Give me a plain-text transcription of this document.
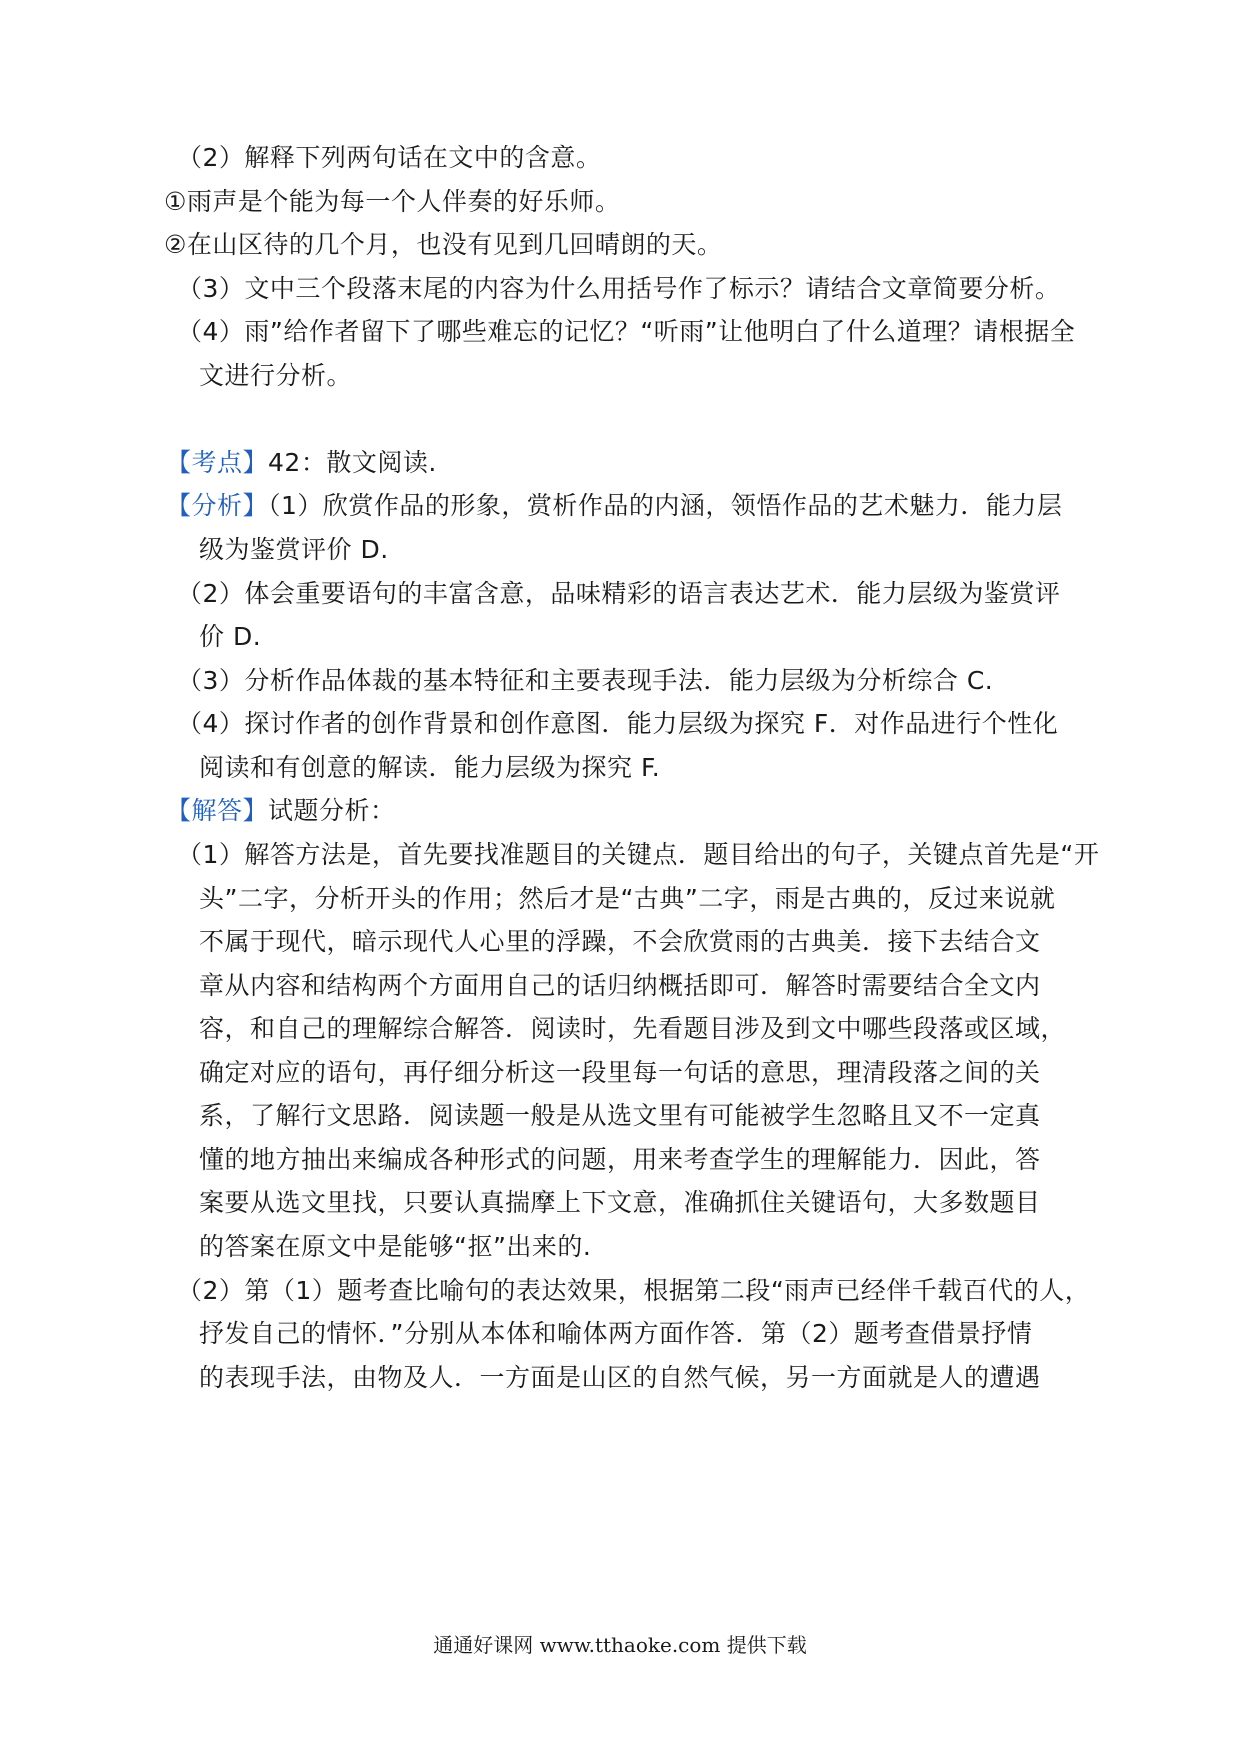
（2）解释下列两句话在文中的含意。
①雨声是个能为每一个人伴奏的好乐师。
②在山区待的几个月，也没有见到几回晴朗的天。
（3）文中三个段落末尾的内容为什么用括号作了标示？请结合文章简要分析。
（4）雨”给作者留下了哪些难忘的记忆？“听雨”让他明白了什么道理？请根据全
文进行分析。
【考点】42：散文阅读.
【分析】（1）欣赏作品的形象，赏析作品的内涵，领悟作品的艺术魅力．能力层
级为鉴赏评价 D.
（2）体会重要语句的丰富含意，品味精彩的语言表达艺术．能力层级为鉴赏评
价 D.
（3）分析作品体裁的基本特征和主要表现手法．能力层级为分析综合 C.
（4）探讨作者的创作背景和创作意图．能力层级为探究 F．对作品进行个性化
阅读和有创意的解读．能力层级为探究 F.
【解答】试题分析：
（1）解答方法是，首先要找准题目的关键点．题目给出的句子，关键点首先是“开
头”二字，分析开头的作用；然后才是“古典”二字，雨是古典的，反过来说就
不属于现代，暗示现代人心里的浮躁，不会欣赏雨的古典美．接下去结合文
章从内容和结构两个方面用自己的话归纳概括即可．解答时需要结合全文内
容，和自己的理解综合解答．阅读时，先看题目涉及到文中哪些段落或区域，
确定对应的语句，再仔细分析这一段里每一句话的意思，理清段落之间的关
系，了解行文思路．阅读题一般是从选文里有可能被学生忽略且又不一定真
懂的地方抽出来编成各种形式的问题，用来考查学生的理解能力．因此，答
案要从选文里找，只要认真揣摩上下文意，准确抓住关键语句，大多数题目
的答案在原文中是能够“抠”出来的.
（2）第（1）题考查比喻句的表达效果，根据第二段“雨声已经伴千载百代的人，
抒发自己的情怀．”分别从本体和喻体两方面作答．第（2）题考查借景抒情
的表现手法，由物及人．一方面是山区的自然气候，另一方面就是人的遭遇
通通好课网 www.tthaoke.com 提供下载
